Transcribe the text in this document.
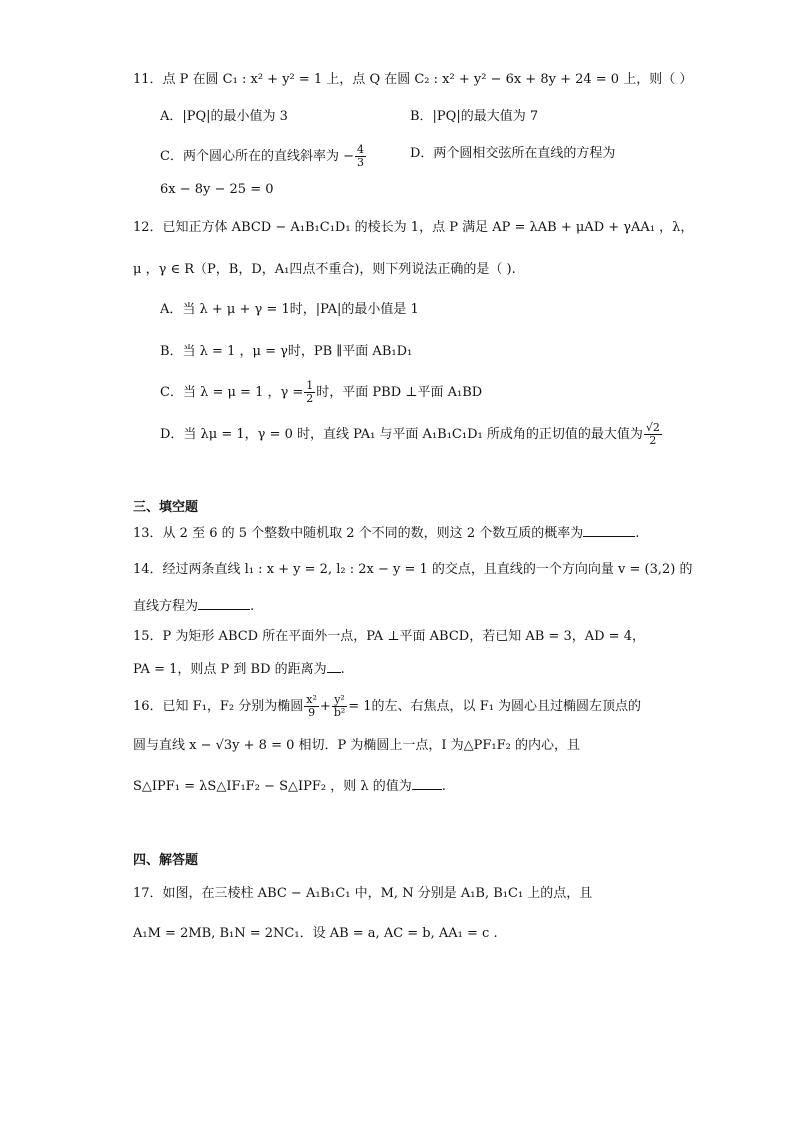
11．点 P 在圆 C₁ : x² + y² = 1 上，点 Q 在圆 C₂ : x² + y² − 6x + 8y + 24 = 0 上，则（ ）
A．|PQ|的最小值为 3	B．|PQ|的最大值为 7
C．两个圆心所在的直线斜率为 − $\frac{4}{3}$	D．两个圆相交弦所在直线的方程为
6x − 8y − 25 = 0
12．已知正方体 ABCD − A₁B₁C₁D₁ 的棱长为 1，点 P 满足 AP = λAB + μAD + γAA₁ ，λ，
μ ，γ ∈ R（P，B，D，A₁四点不重合)，则下列说法正确的是（ ).
A．当 λ + μ + γ = 1时，|PA|的最小值是 1
B．当 λ = 1 ，μ = γ时，PB ∥平面 AB₁D₁
C．当 λ = μ = 1 ，$\gamma = \frac{1}{2}$ 时，平面 PBD ⊥平面 A₁BD
D．当 λμ = 1，γ = 0 时，直线 PA₁ 与平面 A₁B₁C₁D₁ 所成角的正切值的最大值为 $\frac{√2}{2}$
三、填空题
13．从 2 至 6 的 5 个整数中随机取 2 个不同的数，则这 2 个数互质的概率为	.
14．经过两条直线 l₁ : x + y = 2, l₂ : 2x − y = 1 的交点，且直线的一个方向向量 v = (3,2) 的
直线方程为	.
15．P 为矩形 ABCD 所在平面外一点，PA ⊥平面 ABCD，若已知 AB = 3，AD = 4，
PA = 1，则点 P 到 BD 的距离为 .
16．已知 F₁，F₂ 分别为椭圆 $\frac{\text{x²}}{9} + \frac{\text{y²}}{\text{b²}} = 1$的左、右焦点，以 F₁ 为圆心且过椭圆左顶点的
圆与直线 x − √3y + 8 = 0 相切．P 为椭圆上一点，I 为△PF₁F₂ 的内心，且
S△IPF₁ = λS△IF₁F₂ − S△IPF₂ ，则 λ 的值为 .
四、解答题
17．如图，在三棱柱 ABC − A₁B₁C₁ 中，M, N 分别是 A₁B, B₁C₁ 上的点，且
A₁M = 2MB, B₁N = 2NC₁．设 AB = a, AC = b, AA₁ = c .
